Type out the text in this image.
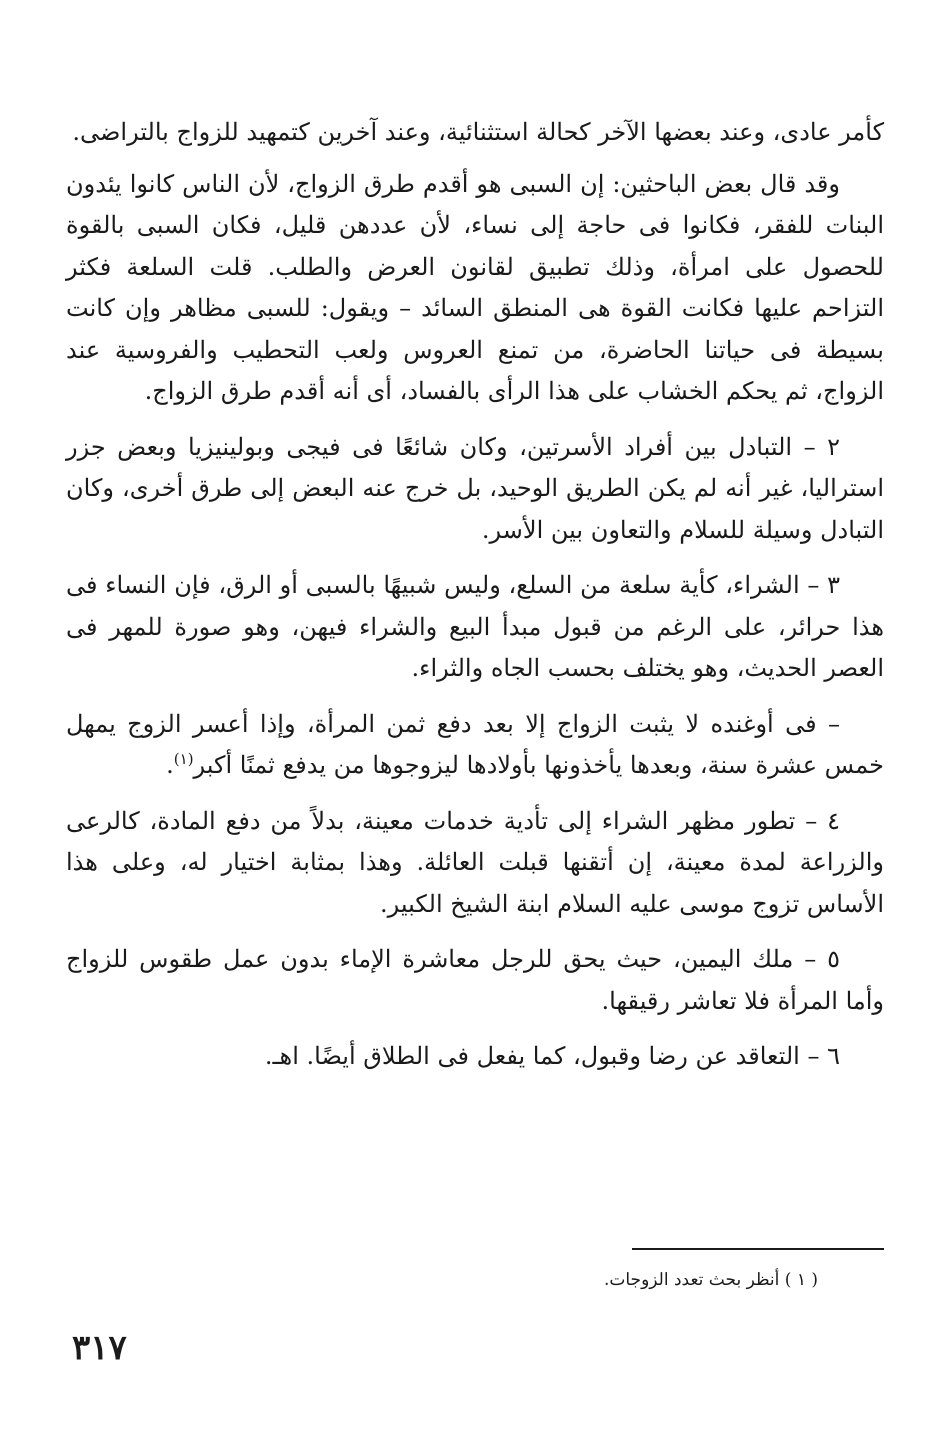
كأمر عادى، وعند بعضها الآخر كحالة استثنائية، وعند آخرين كتمهيد للزواج بالتراضى.

وقد قال بعض الباحثين: إن السبى هو أقدم طرق الزواج، لأن الناس كانوا يئدون البنات للفقر، فكانوا فى حاجة إلى نساء، لأن عددهن قليل، فكان السبى بالقوة للحصول على امرأة، وذلك تطبيق لقانون العرض والطلب. قلت السلعة فكثر التزاحم عليها فكانت القوة هى المنطق السائد – ويقول: للسبى مظاهر وإن كانت بسيطة فى حياتنا الحاضرة، من تمنع العروس ولعب التحطيب والفروسية عند الزواج، ثم يحكم الخشاب على هذا الرأى بالفساد، أى أنه أقدم طرق الزواج.

٢ – التبادل بين أفراد الأسرتين، وكان شائعًا فى فيجى وبولينيزيا وبعض جزر استراليا، غير أنه لم يكن الطريق الوحيد، بل خرج عنه البعض إلى طرق أخرى، وكان التبادل وسيلة للسلام والتعاون بين الأسر.

٣ – الشراء، كأية سلعة من السلع، وليس شبيهًا بالسبى أو الرق، فإن النساء فى هذا حرائر، على الرغم من قبول مبدأ البيع والشراء فيهن، وهو صورة للمهر فى العصر الحديث، وهو يختلف بحسب الجاه والثراء.

– فى أوغنده لا يثبت الزواج إلا بعد دفع ثمن المرأة، وإذا أعسر الزوج يمهل خمس عشرة سنة، وبعدها يأخذونها بأولادها ليزوجوها من يدفع ثمنًا أكبر$^{(١)}$.

٤ – تطور مظهر الشراء إلى تأدية خدمات معينة، بدلاً من دفع المادة، كالرعى والزراعة لمدة معينة، إن أتقنها قبلت العائلة. وهذا بمثابة اختيار له، وعلى هذا الأساس تزوج موسى عليه السلام ابنة الشيخ الكبير.

٥ – ملك اليمين، حيث يحق للرجل معاشرة الإماء بدون عمل طقوس للزواج وأما المرأة فلا تعاشر رقيقها.

٦ – التعاقد عن رضا وقبول، كما يفعل فى الطلاق أيضًا. اهـ.

( ١ ) أنظر بحث تعدد الزوجات.
٣١٧
